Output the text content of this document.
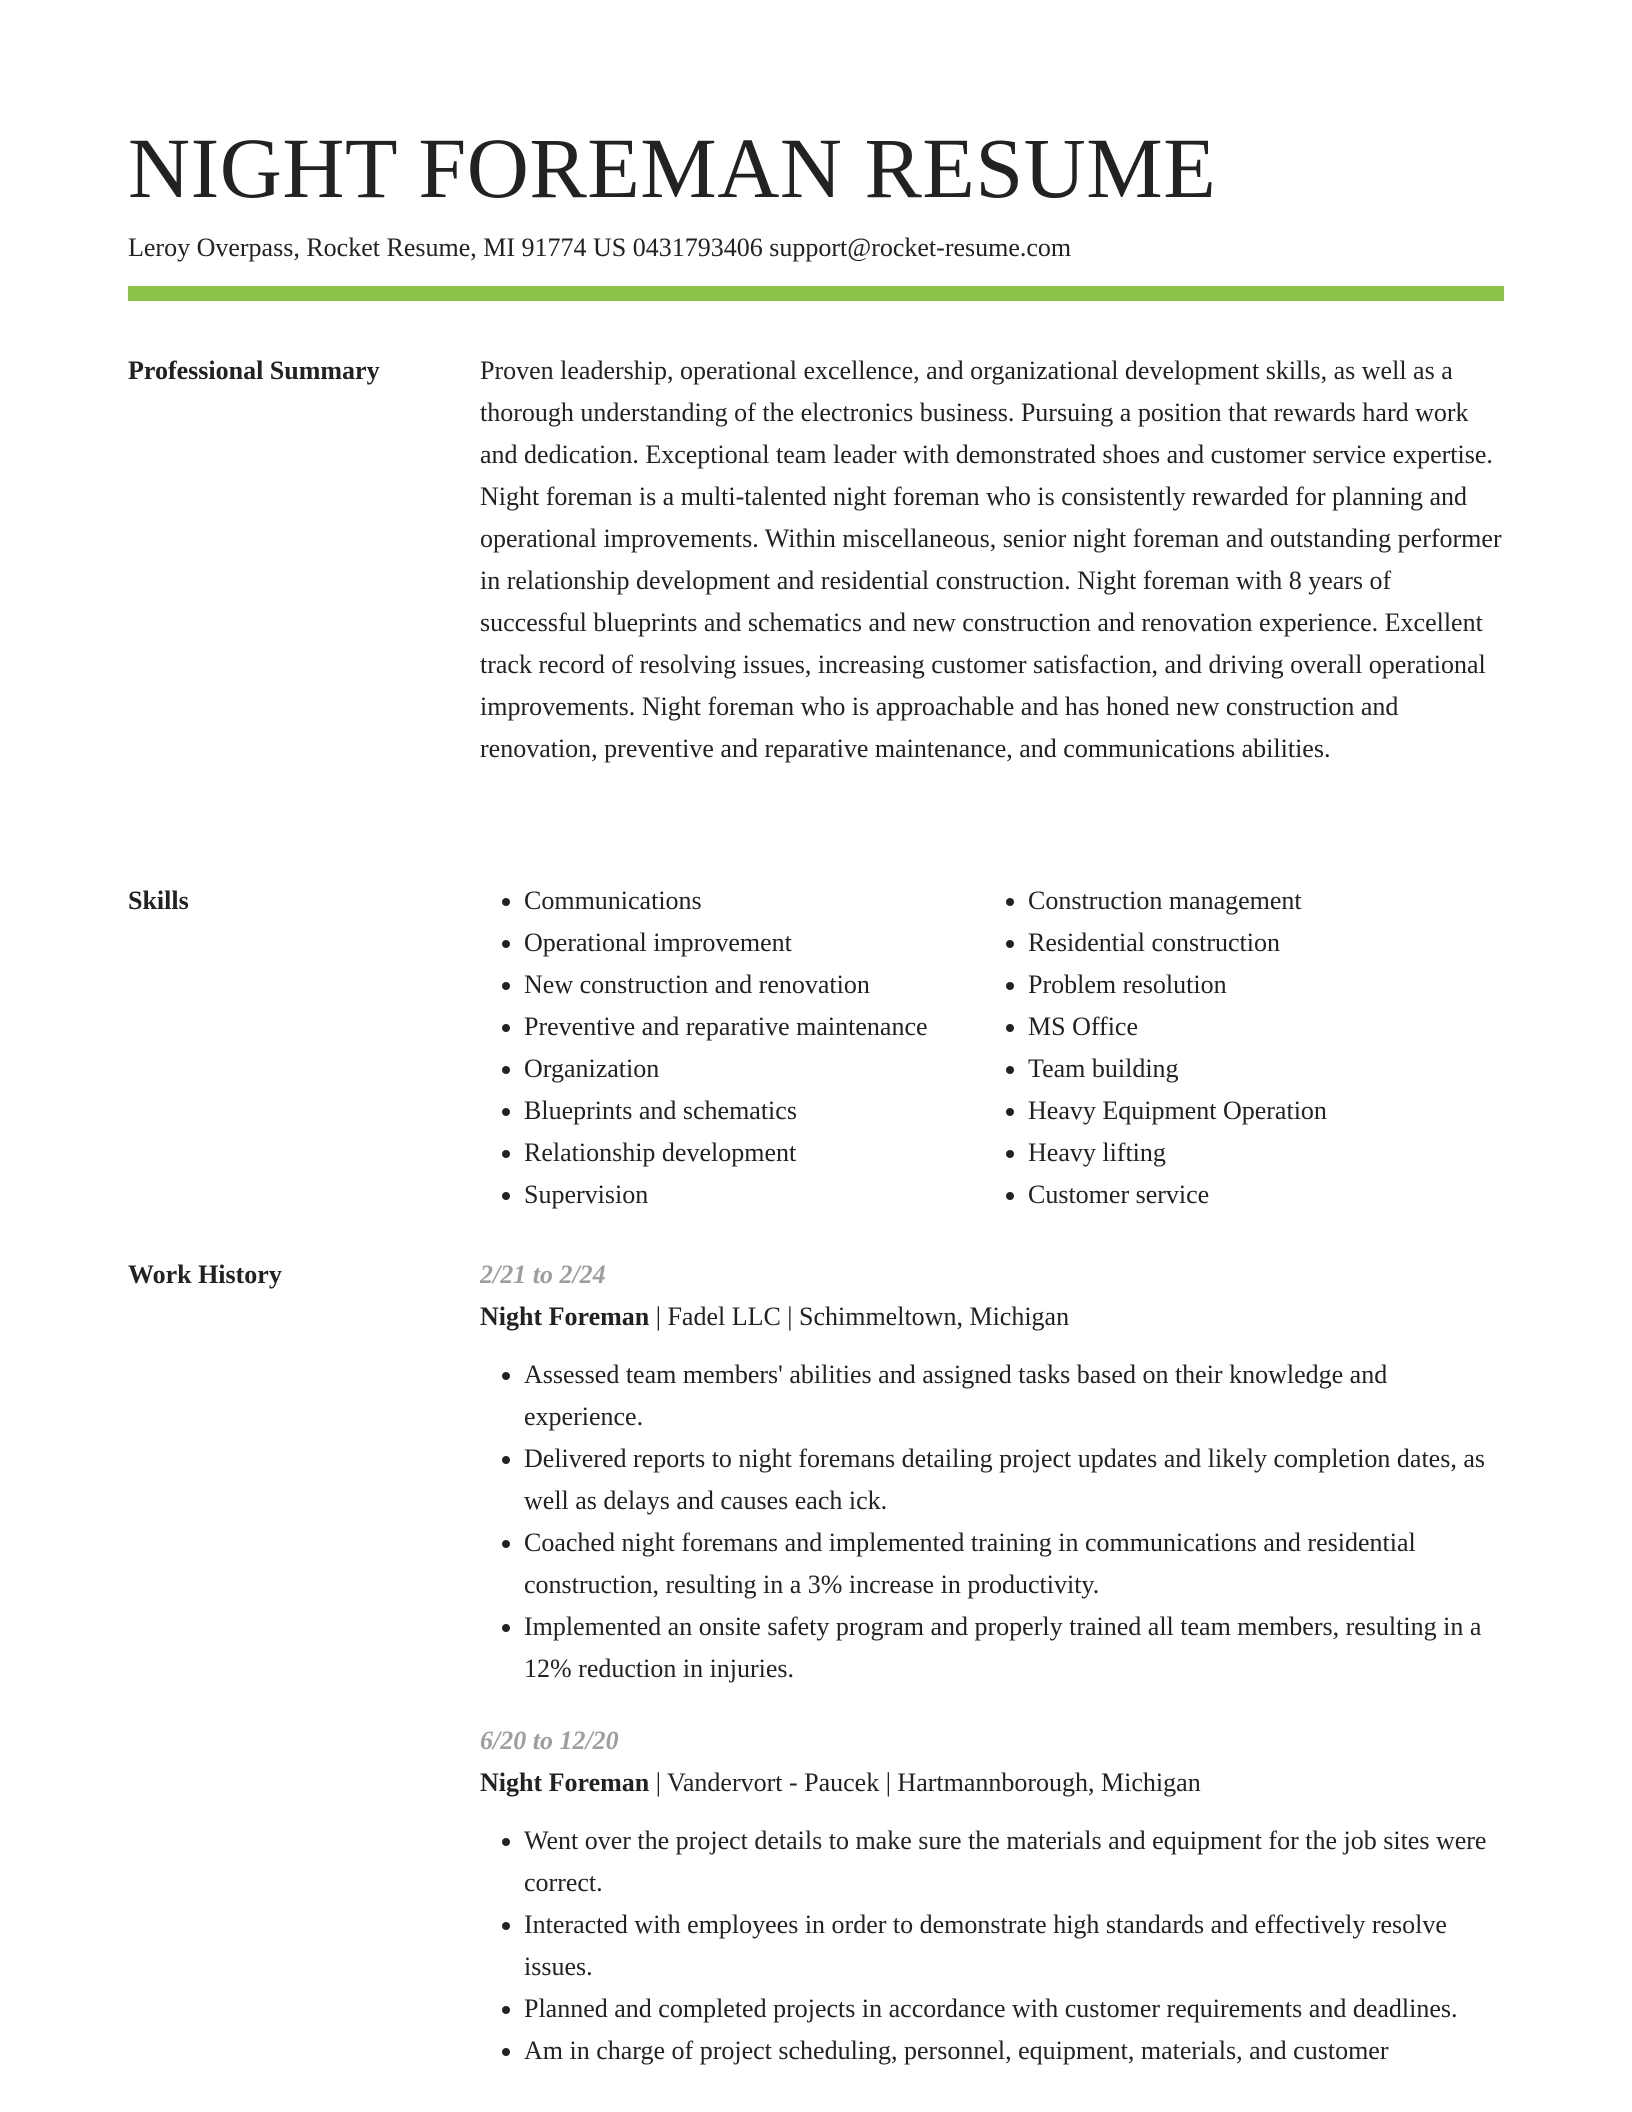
NIGHT FOREMAN RESUME
Leroy Overpass, Rocket Resume, MI 91774 US 0431793406 support@rocket-resume.com
Professional Summary	Proven leadership, operational excellence, and organizational development skills, as well as a thorough understanding of the electronics business. Pursuing a position that rewards hard work and dedication. Exceptional team leader with demonstrated shoes and customer service expertise. Night foreman is a multi-talented night foreman who is consistently rewarded for planning and operational improvements. Within miscellaneous, senior night foreman and outstanding performer in relationship development and residential construction. Night foreman with 8 years of successful blueprints and schematics and new construction and renovation experience. Excellent track record of resolving issues, increasing customer satisfaction, and driving overall operational improvements. Night foreman who is approachable and has honed new construction and renovation, preventive and reparative maintenance, and communications abilities.

Skills
•	Communications
• Operational improvement
• New construction and renovation
• Preventive and reparative maintenance
• Organization
• Blueprints and schematics
• Relationship development
• Supervision
• Construction management
• Residential construction
• Problem resolution
• MS Office
• Team building
• Heavy Equipment Operation
• Heavy lifting
• Customer service
Work History	2/21 to 2/24
Night Foreman | Fadel LLC | Schimmeltown, Michigan
• Assessed team members' abilities and assigned tasks based on their knowledge and experience.
• Delivered reports to night foremans detailing project updates and likely completion dates, as well as delays and causes each ick.
• Coached night foremans and implemented training in communications and residential construction, resulting in a 3% increase in productivity.
• Implemented an onsite safety program and properly trained all team members, resulting in a 12% reduction in injuries.
6/20 to 12/20
Night Foreman | Vandervort - Paucek | Hartmannborough, Michigan
• Went over the project details to make sure the materials and equipment for the job sites were correct.
• Interacted with employees in order to demonstrate high standards and effectively resolve issues.
• Planned and completed projects in accordance with customer requirements and deadlines.
• Am in charge of project scheduling, personnel, equipment, materials, and customer
